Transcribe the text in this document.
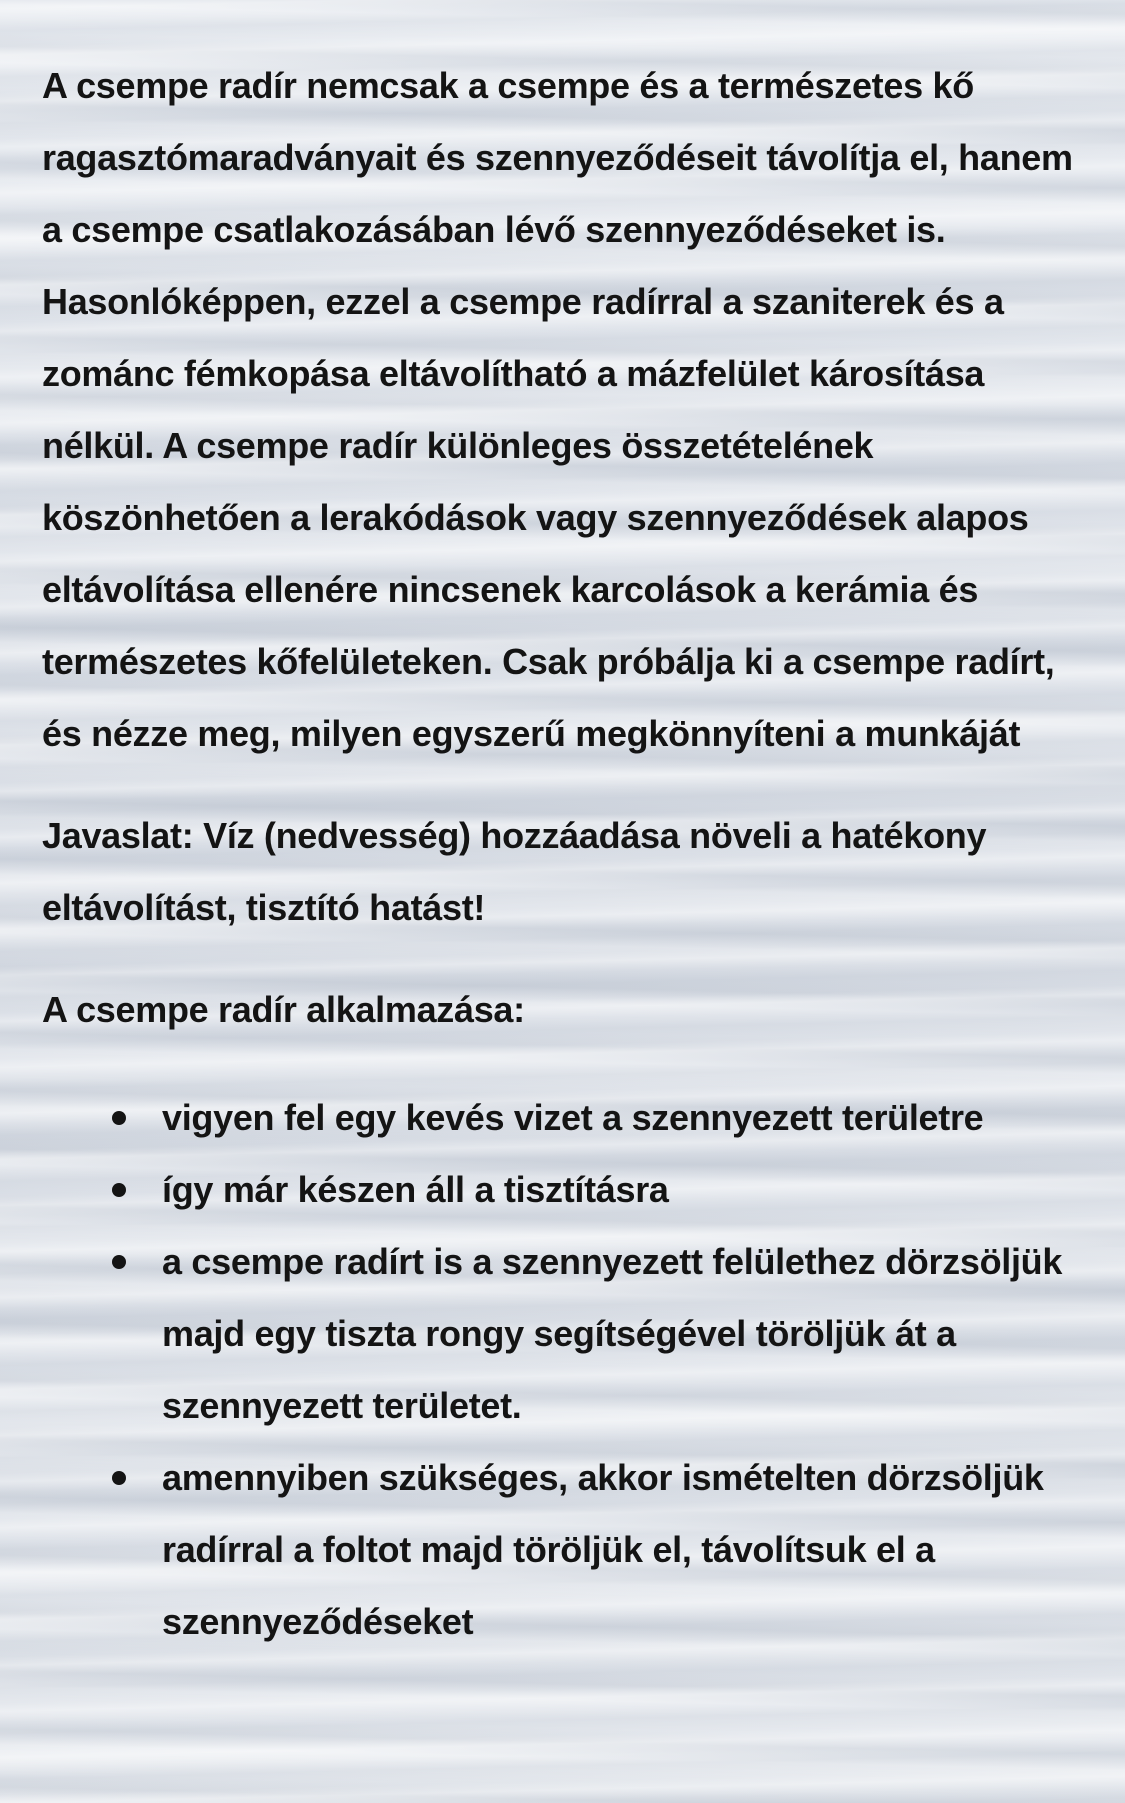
A csempe radír nemcsak a csempe és a természetes kő ragasztómaradványait és szennyeződéseit távolítja el, hanem a csempe csatlakozásában lévő szennyeződéseket is. Hasonlóképpen, ezzel a csempe radírral a szaniterek és a zománc fémkopása eltávolítható a mázfelület károsítása nélkül. A csempe radír különleges összetételének köszönhetően a lerakódások vagy szennyeződések alapos eltávolítása ellenére nincsenek karcolások a kerámia és természetes kőfelületeken. Csak próbálja ki a csempe radírt, és nézze meg, milyen egyszerű megkönnyíteni a munkáját

Javaslat: Víz (nedvesség) hozzáadása növeli a hatékony eltávolítást, tisztító hatást!

A csempe radír alkalmazása:

vigyen fel egy kevés vizet a szennyezett területre
így már készen áll a tisztításra
a csempe radírt is a szennyezett felülethez dörzsöljük majd egy tiszta rongy segítségével töröljük át a szennyezett területet.
amennyiben szükséges, akkor ismételten dörzsöljük radírral a foltot majd töröljük el, távolítsuk el a szennyeződéseket
